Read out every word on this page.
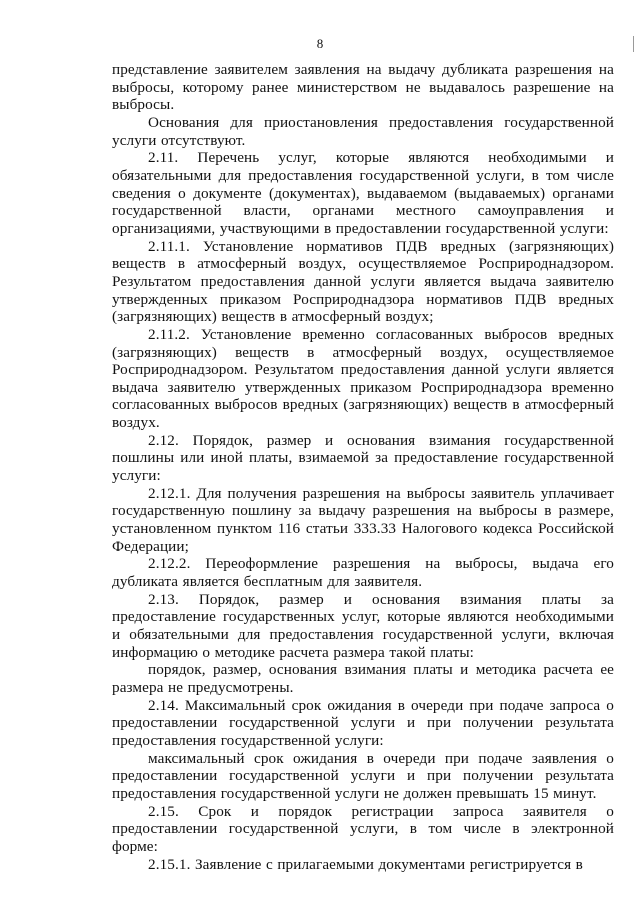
8

представление заявителем заявления на выдачу дубликата разрешения на выбросы, которому ранее министерством не выдавалось разрешение на выбросы.

Основания для приостановления предоставления государственной услуги отсутствуют.

2.11. Перечень услуг, которые являются необходимыми и обязательными для предоставления государственной услуги, в том числе сведения о документе (документах), выдаваемом (выдаваемых) органами государственной власти, органами местного самоуправления и организациями, участвующими в предоставлении государственной услуги:

2.11.1. Установление нормативов ПДВ вредных (загрязняющих) веществ в атмосферный воздух, осуществляемое Росприроднадзором. Результатом предоставления данной услуги является выдача заявителю утвержденных приказом Росприроднадзора нормативов ПДВ вредных (загрязняющих) веществ в атмосферный воздух;

2.11.2. Установление временно согласованных выбросов вредных (загрязняющих) веществ в атмосферный воздух, осуществляемое Росприроднадзором. Результатом предоставления данной услуги является выдача заявителю утвержденных приказом Росприроднадзора временно согласованных выбросов вредных (загрязняющих) веществ в атмосферный воздух.

2.12. Порядок, размер и основания взимания государственной пошлины или иной платы, взимаемой за предоставление государственной услуги:

2.12.1. Для получения разрешения на выбросы заявитель уплачивает государственную пошлину за выдачу разрешения на выбросы в размере, установленном пунктом 116 статьи 333.33 Налогового кодекса Российской Федерации;

2.12.2. Переоформление разрешения на выбросы, выдача его дубликата является бесплатным для заявителя.

2.13. Порядок, размер и основания взимания платы за предоставление государственных услуг, которые являются необходимыми и обязательными для предоставления государственной услуги, включая информацию о методике расчета размера такой платы:

порядок, размер, основания взимания платы и методика расчета ее размера не предусмотрены.

2.14. Максимальный срок ожидания в очереди при подаче запроса о предоставлении государственной услуги и при получении результата предоставления государственной услуги:

максимальный срок ожидания в очереди при подаче заявления о предоставлении государственной услуги и при получении результата предоставления государственной услуги не должен превышать 15 минут.

2.15. Срок и порядок регистрации запроса заявителя о предоставлении государственной услуги, в том числе в электронной форме:

2.15.1. Заявление с прилагаемыми документами регистрируется в
